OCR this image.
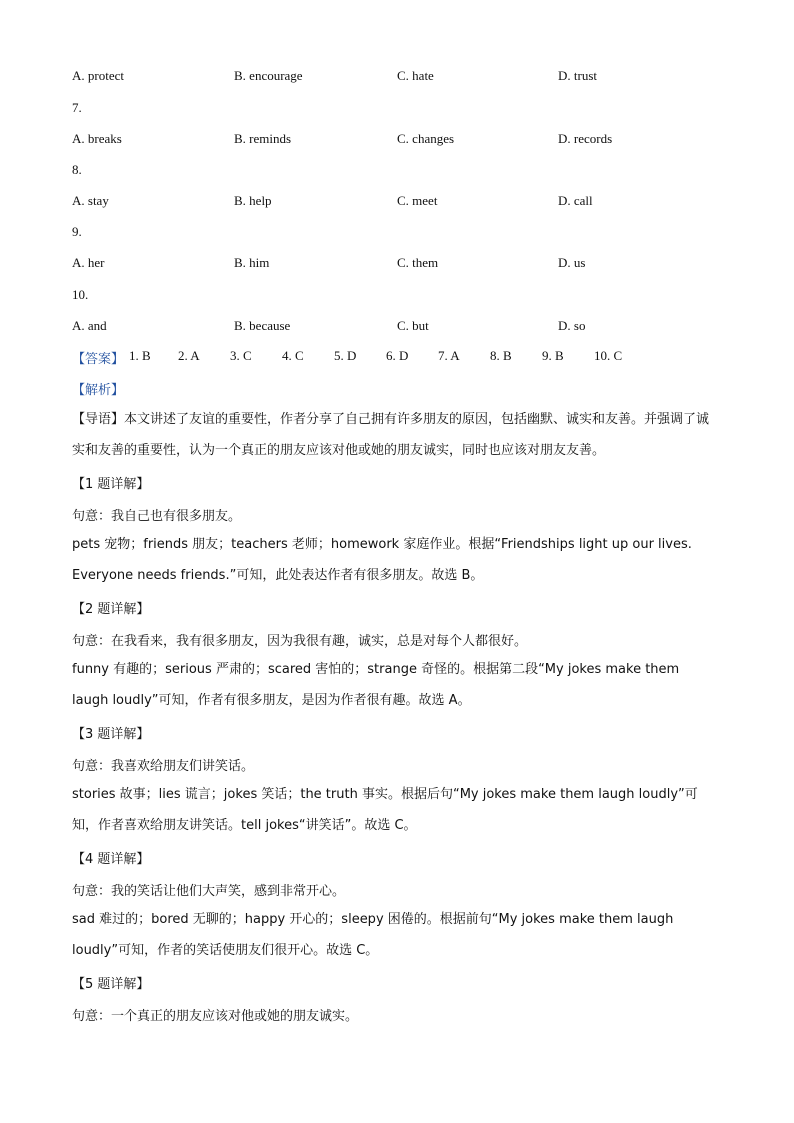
A. protect	B. encourage	C. hate	D. trust
7.
A. breaks	B. reminds	C. changes	D. records
8.
A. stay	B. help	C. meet	D. call
9.
A. her	B. him	C. them	D. us
10.
A. and	B. because	C. but	D. so
【答案】 1. B 2. A 3. C 4. C 5. D 6. D 7. A 8. B 9. B 10. C
【解析】
【导语】本文讲述了友谊的重要性，作者分享了自己拥有许多朋友的原因，包括幽默、诚实和友善。并强调了诚实和友善的重要性，认为一个真正的朋友应该对他或她的朋友诚实，同时也应该对朋友友善。
【1 题详解】
句意：我自己也有很多朋友。
pets 宠物；friends 朋友；teachers 老师；homework 家庭作业。根据“Friendships light up our lives. Everyone needs friends.”可知，此处表达作者有很多朋友。故选 B。
【2 题详解】
句意：在我看来，我有很多朋友，因为我很有趣，诚实，总是对每个人都很好。
funny 有趣的；serious 严肃的；scared 害怕的；strange 奇怪的。根据第二段“My jokes make them laugh loudly”可知，作者有很多朋友，是因为作者很有趣。故选 A。
【3 题详解】
句意：我喜欢给朋友们讲笑话。
stories 故事；lies 谎言；jokes 笑话；the truth 事实。根据后句“My jokes make them laugh loudly”可知，作者喜欢给朋友讲笑话。tell jokes“讲笑话”。故选 C。
【4 题详解】
句意：我的笑话让他们大声笑，感到非常开心。
sad 难过的；bored 无聊的；happy 开心的；sleepy 困倦的。根据前句“My jokes make them laugh loudly”可知，作者的笑话使朋友们很开心。故选 C。
【5 题详解】
句意：一个真正的朋友应该对他或她的朋友诚实。
